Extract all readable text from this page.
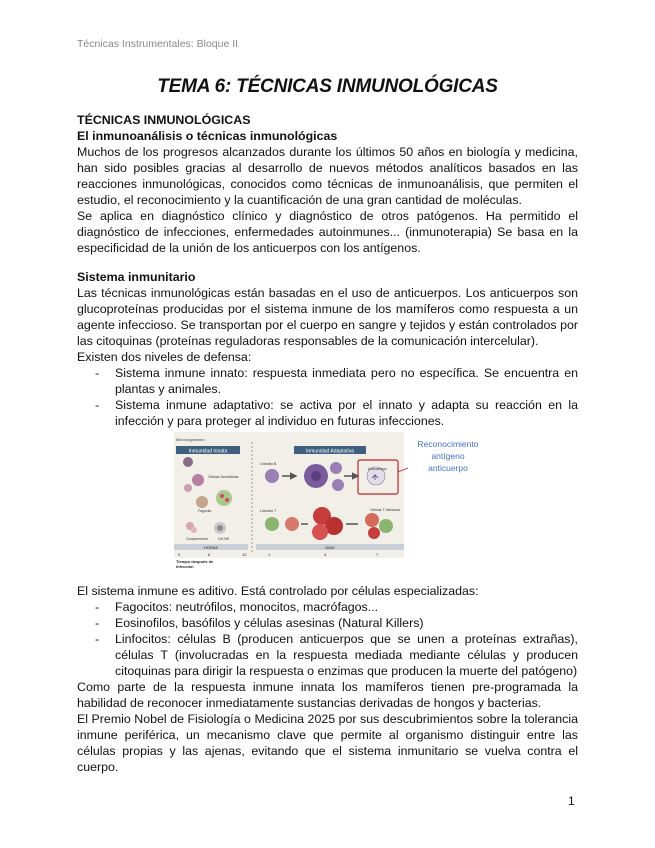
Técnicas Instrumentales: Bloque II
TEMA 6: TÉCNICAS INMUNOLÓGICAS
TÉCNICAS INMUNOLÓGICAS
El inmunoanálisis o técnicas inmunológicas

Muchos de los progresos alcanzados durante los últimos 50 años en biología y medicina, han sido posibles gracias al desarrollo de nuevos métodos analíticos basados en las reacciones inmunológicas, conocidos como técnicas de inmunoanálisis, que permiten el estudio, el reconocimiento y la cuantificación de una gran cantidad de moléculas.

Se aplica en diagnóstico clínico y diagnóstico de otros patógenos. Ha permitido el diagnóstico de infecciones, enfermedades autoinmunes... (inmunoterapia) Se basa en la especificidad de la unión de los anticuerpos con los antígenos.

Sistema inmunitario

Las técnicas inmunológicas están basadas en el uso de anticuerpos. Los anticuerpos son glucoproteínas producidas por el sistema inmune de los mamíferos como respuesta a un agente infeccioso. Se transportan por el cuerpo en sangre y tejidos y están controlados por las citoquinas (proteínas reguladoras responsables de la comunicación intercelular).

Existen dos niveles de defensa:

- Sistema inmune innato: respuesta inmediata pero no específica. Se encuentra en plantas y animales.
- Sistema inmune adaptativo: se activa por el innato y adapta su reacción en la infección y para proteger al individuo en futuras infecciones.
Inmunidad Innata
Microorganismo
Inmunidad Adaptativa
Células Dendríticas
Fagocito
Complemento	Cél NK
Linfocito B
Anticuerpos
Linfocito T	Células T efectoras
HORAS	DÍAS
0	6	12	1	4	7
Tiempo después de
infección
Reconocimiento
antígeno
anticuerpo

El sistema inmune es aditivo. Está controlado por células especializadas:

- Fagocitos: neutrófilos, monocitos, macrófagos...
- Eosinofilos, basófilos y células asesinas (Natural Killers)
- Linfocitos: células B (producen anticuerpos que se unen a proteínas extrañas), células T (involucradas en la respuesta mediada mediante células y producen citoquinas para dirigir la respuesta o enzimas que producen la muerte del patógeno)

Como parte de la respuesta inmune innata los mamíferos tienen pre-programada la habilidad de reconocer inmediatamente sustancias derivadas de hongos y bacterias.

El Premio Nobel de Fisiología o Medicina 2025 por sus descubrimientos sobre la tolerancia inmune periférica, un mecanismo clave que permite al organismo distinguir entre las células propias y las ajenas, evitando que el sistema inmunitario se vuelva contra el cuerpo.

1
